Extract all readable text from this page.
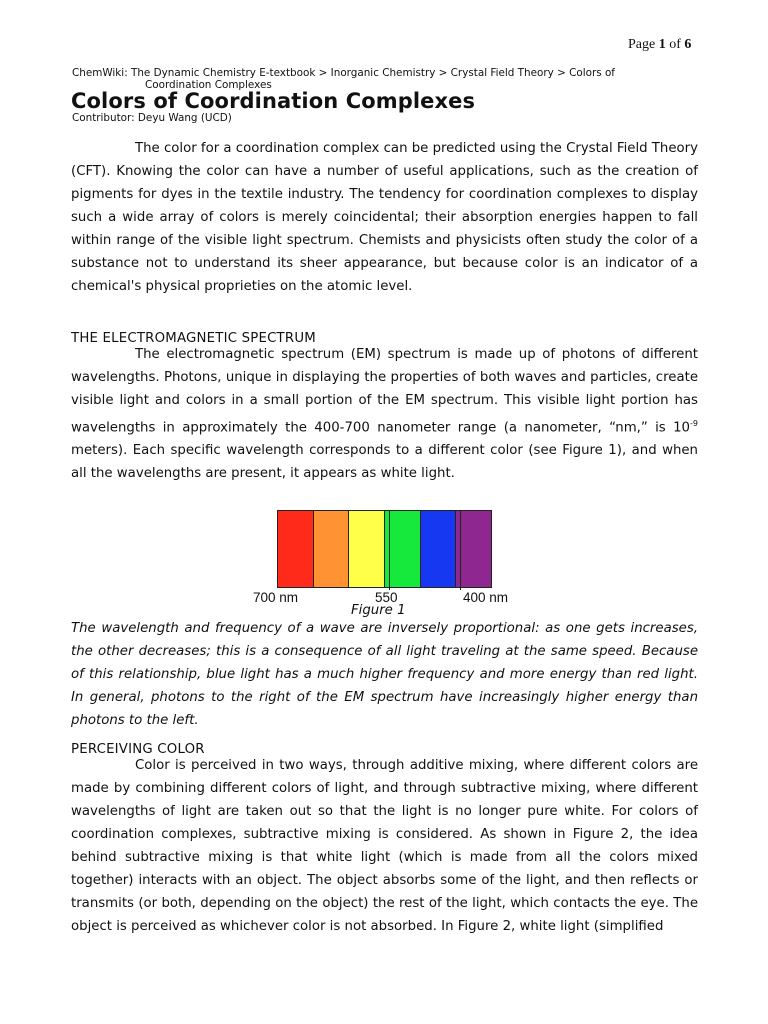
Page 1 of 6
ChemWiki: The Dynamic Chemistry E-textbook > Inorganic Chemistry > Crystal Field Theory > Colors of
Coordination Complexes
Colors of Coordination Complexes
Contributor: Deyu Wang (UCD)

The color for a coordination complex can be predicted using the Crystal Field Theory (CFT). Knowing the color can have a number of useful applications, such as the creation of pigments for dyes in the textile industry. The tendency for coordination complexes to display such a wide array of colors is merely coincidental; their absorption energies happen to fall within range of the visible light spectrum. Chemists and physicists often study the color of a substance not to understand its sheer appearance, but because color is an indicator of a chemical's physical proprieties on the atomic level.

THE ELECTROMAGNETIC SPECTRUM

The electromagnetic spectrum (EM) spectrum is made up of photons of different wavelengths. Photons, unique in displaying the properties of both waves and particles, create visible light and colors in a small portion of the EM spectrum. This visible light portion has wavelengths in approximately the 400-700 nanometer range (a nanometer, “nm,” is $10^{-9}$ meters). Each specific wavelength corresponds to a different color (see Figure 1), and when all the wavelengths are present, it appears as white light.

700 nm	550	400 nm
Figure 1

The wavelength and frequency of a wave are inversely proportional: as one gets increases, the other decreases; this is a consequence of all light traveling at the same speed. Because of this relationship, blue light has a much higher frequency and more energy than red light. In general, photons to the right of the EM spectrum have increasingly higher energy than photons to the left.

PERCEIVING COLOR

Color is perceived in two ways, through additive mixing, where different colors are made by combining different colors of light, and through subtractive mixing, where different wavelengths of light are taken out so that the light is no longer pure white. For colors of coordination complexes, subtractive mixing is considered. As shown in Figure 2, the idea behind subtractive mixing is that white light (which is made from all the colors mixed together) interacts with an object. The object absorbs some of the light, and then reflects or transmits (or both, depending on the object) the rest of the light, which contacts the eye. The object is perceived as whichever color is not absorbed. In Figure 2, white light (simplified
